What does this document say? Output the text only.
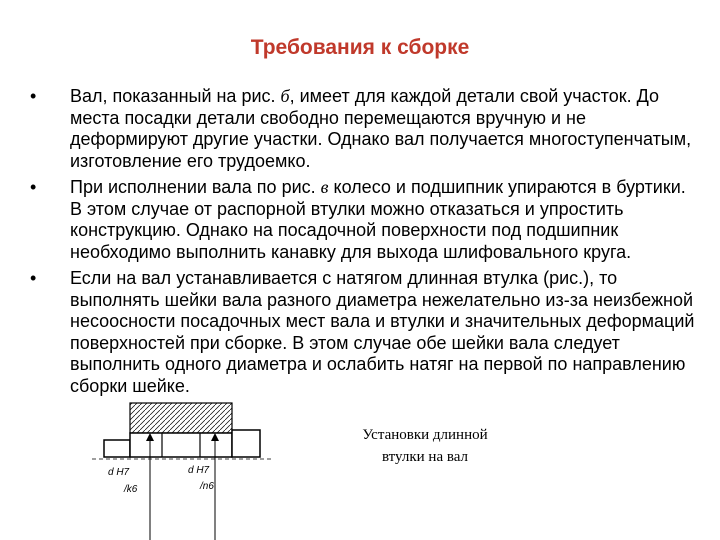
Требования к сборке
• Вал, показанный на рис. б, имеет для каждой детали свой участок. До места посадки детали свободно перемещаются вручную и не деформируют другие участки. Однако вал получается многоступенчатым, изготовление его трудоемко.
• При исполнении вала по рис. в колесо и подшипник упираются в буртики. В этом случае от распорной втулки можно отказаться и упростить конструкцию. Однако на посадочной поверхности под подшипник необходимо выполнить канавку для выхода шлифовального круга.
• Если на вал устанавливается с натягом длинная втулка (рис.), то выполнять шейки вала разного диаметра нежелательно из-за неизбежной несоосности посадочных мест вала и втулки и значительных деформаций поверхностей при сборке. В этом случае обе шейки вала следует выполнить одного диаметра и ослабить натяг на первой по направлению сборки шейке.
d H7
/k6
d H7
/n6
Установки длинной
втулки на вал
